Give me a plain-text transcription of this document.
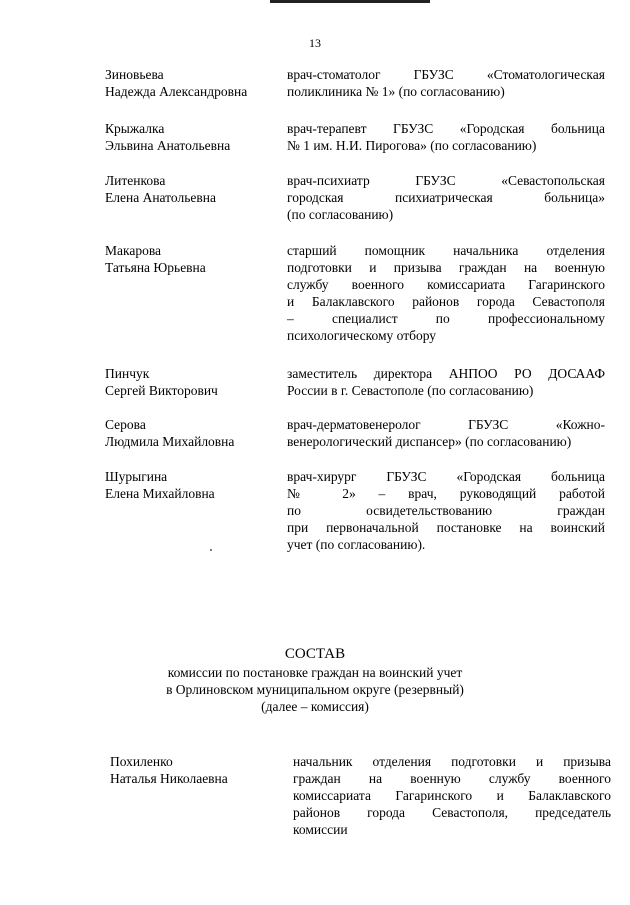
13
Зиновьева
Надежда Александровна
врач-стоматолог ГБУЗС «Стоматологическая
поликлиника № 1» (по согласованию)
Крыжалка
Эльвина Анатольевна
врач-терапевт ГБУЗС «Городская больница
№ 1 им. Н.И. Пирогова» (по согласованию)
Литенкова
Елена Анатольевна
врач-психиатр ГБУЗС «Севастопольская
городская психиатрическая больница»
(по согласованию)
Макарова
Татьяна Юрьевна
старший помощник начальника отделения
подготовки и призыва граждан на военную
службу военного комиссариата Гагаринского
и Балаклавского районов города Севастополя
– специалист по профессиональному
психологическому отбору
Пинчук
Сергей Викторович
заместитель директора АНПОО РО ДОСААФ
России в г. Севастополе (по согласованию)
Серова
Людмила Михайловна
врач-дерматовенеролог ГБУЗС «Кожно-
венерологический диспансер» (по согласованию)
Шурыгина
Елена Михайловна
врач-хирург ГБУЗС «Городская больница
№ 2» – врач, руководящий работой
по освидетельствованию граждан
при первоначальной постановке на воинский
учет (по согласованию).
СОСТАВ
комиссии по постановке граждан на воинский учет
в Орлиновском муниципальном округе (резервный)
(далее – комиссия)
Похиленко
Наталья Николаевна
начальник отделения подготовки и призыва
граждан на военную службу военного
комиссариата Гагаринского и Балаклавского
районов города Севастополя, председатель
комиссии
